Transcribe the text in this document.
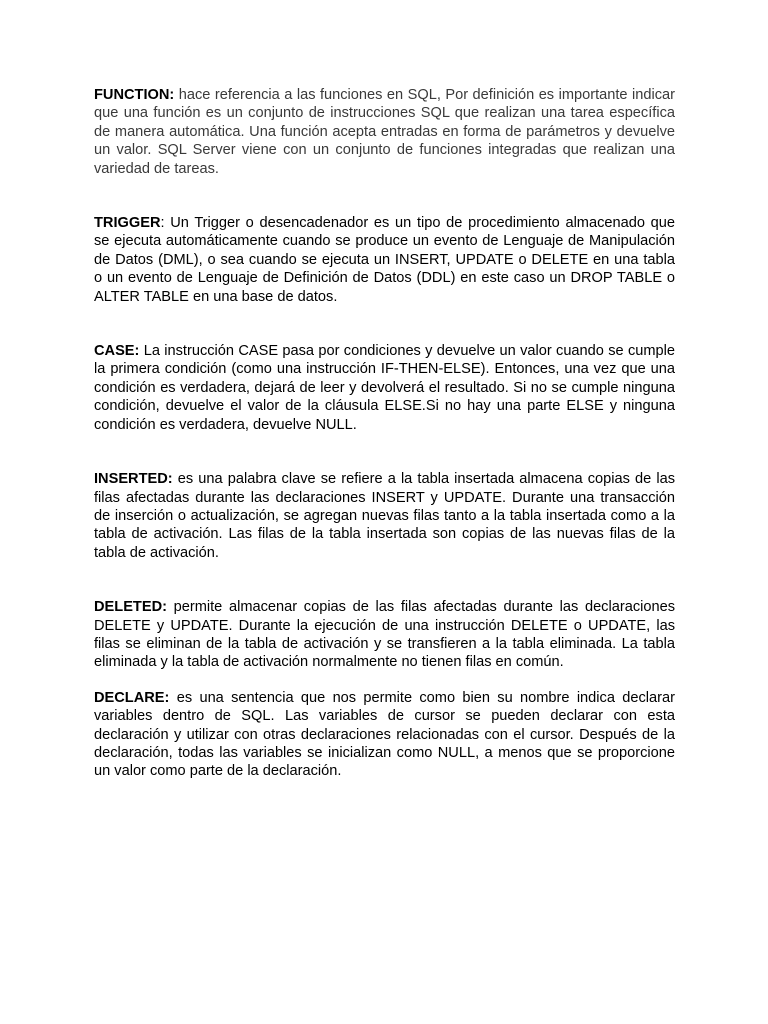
FUNCTION: hace referencia a las funciones en SQL, Por definición es importante indicar que una función es un conjunto de instrucciones SQL que realizan una tarea específica de manera automática. Una función acepta entradas en forma de parámetros y devuelve un valor. SQL Server viene con un conjunto de funciones integradas que realizan una variedad de tareas.

TRIGGER: Un Trigger o desencadenador es un tipo de procedimiento almacenado que se ejecuta automáticamente cuando se produce un evento de Lenguaje de Manipulación de Datos (DML), o sea cuando se ejecuta un INSERT, UPDATE o DELETE en una tabla o un evento de Lenguaje de Definición de Datos (DDL) en este caso un DROP TABLE o ALTER TABLE en una base de datos.

CASE: La instrucción CASE pasa por condiciones y devuelve un valor cuando se cumple la primera condición (como una instrucción IF-THEN-ELSE). Entonces, una vez que una condición es verdadera, dejará de leer y devolverá el resultado. Si no se cumple ninguna condición, devuelve el valor de la cláusula ELSE.Si no hay una parte ELSE y ninguna condición es verdadera, devuelve NULL.

INSERTED: es una palabra clave se refiere a la tabla insertada almacena copias de las filas afectadas durante las declaraciones INSERT y UPDATE. Durante una transacción de inserción o actualización, se agregan nuevas filas tanto a la tabla insertada como a la tabla de activación. Las filas de la tabla insertada son copias de las nuevas filas de la tabla de activación.

DELETED: permite almacenar copias de las filas afectadas durante las declaraciones DELETE y UPDATE. Durante la ejecución de una instrucción DELETE o UPDATE, las filas se eliminan de la tabla de activación y se transfieren a la tabla eliminada. La tabla eliminada y la tabla de activación normalmente no tienen filas en común.

DECLARE: es una sentencia que nos permite como bien su nombre indica declarar variables dentro de SQL. Las variables de cursor se pueden declarar con esta declaración y utilizar con otras declaraciones relacionadas con el cursor. Después de la declaración, todas las variables se inicializan como NULL, a menos que se proporcione un valor como parte de la declaración.
